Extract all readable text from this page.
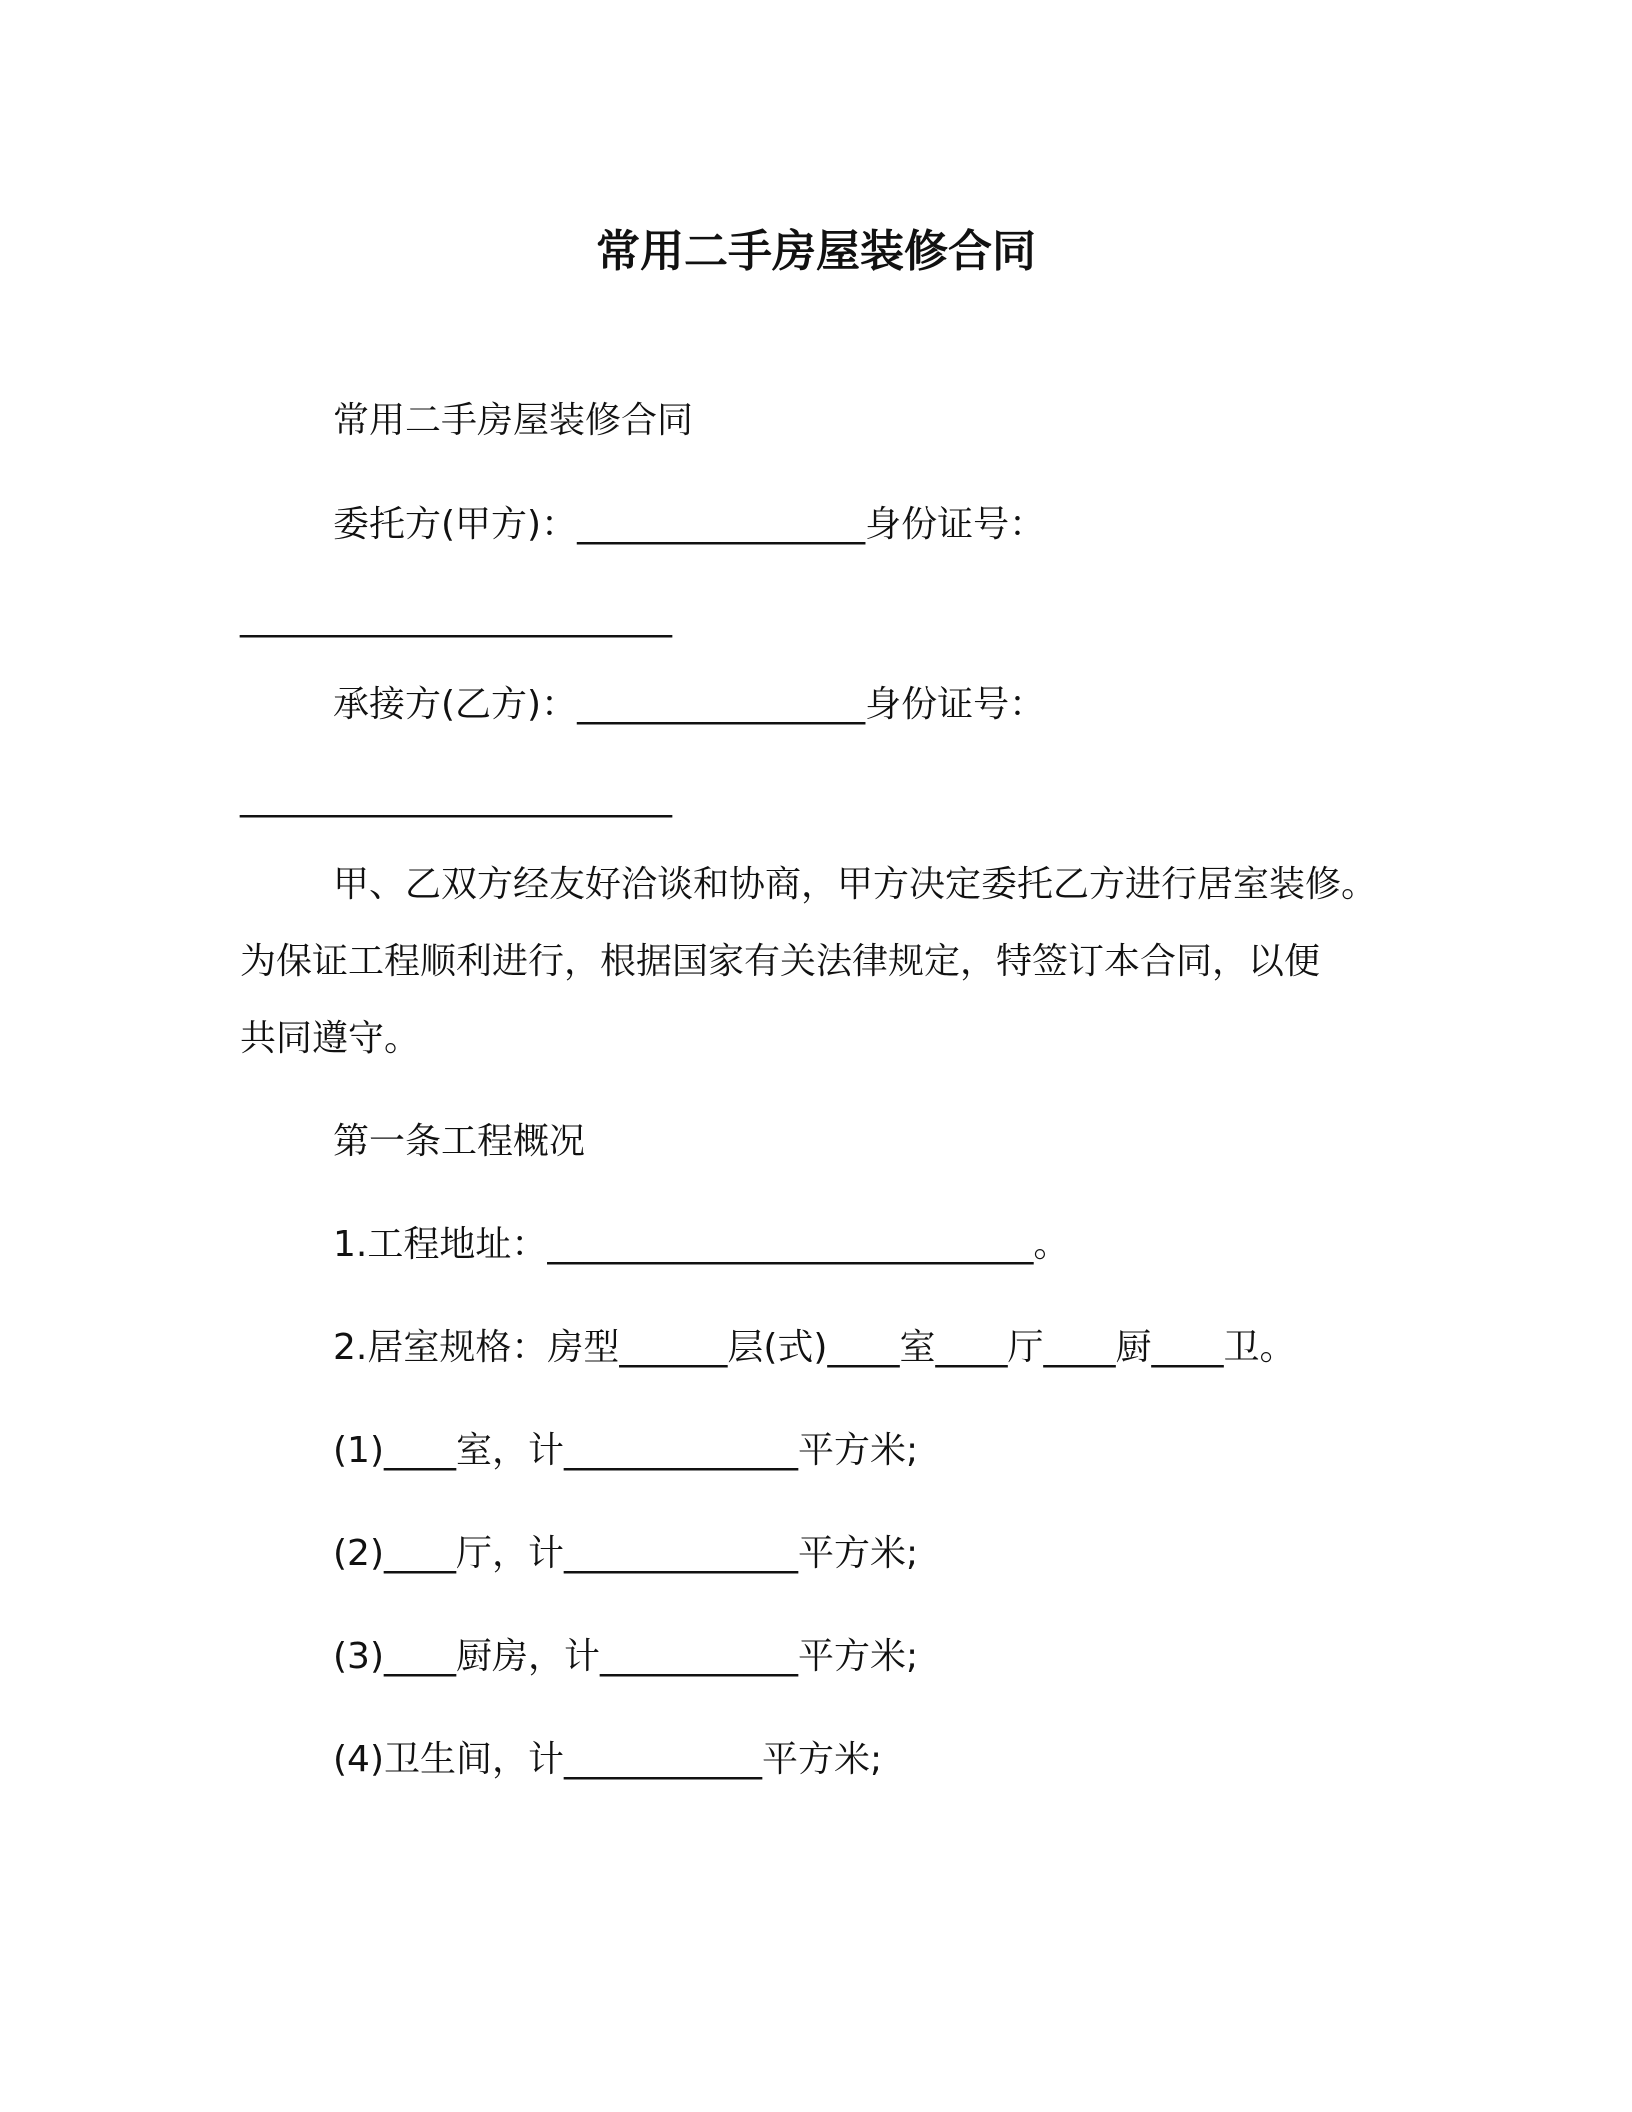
常用二手房屋装修合同
常用二手房屋装修合同
委托方(甲方)：________________身份证号：
________________________
承接方(乙方)：________________身份证号：
________________________
甲、乙双方经友好洽谈和协商，甲方决定委托乙方进行居室装修。
为保证工程顺利进行，根据国家有关法律规定，特签订本合同，以便
共同遵守。
第一条工程概况
1.工程地址：___________________________。
2.居室规格：房型______层(式)____室____厅____厨____卫。
(1)____室，计_____________平方米;
(2)____厅，计_____________平方米;
(3)____厨房，计___________平方米;
(4)卫生间，计___________平方米;
